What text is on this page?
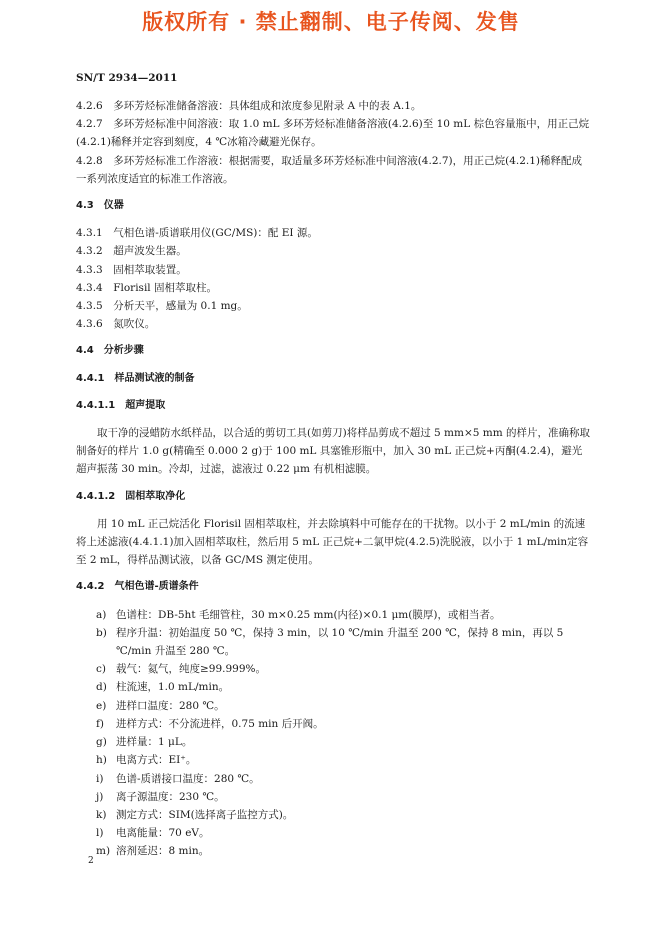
版权所有 · 禁止翻制、电子传阅、发售
SN/T 2934—2011

4.2.6　多环芳烃标准储备溶液：具体组成和浓度参见附录 A 中的表 A.1。

4.2.7　多环芳烃标准中间溶液：取 1.0 mL 多环芳烃标准储备溶液(4.2.6)至 10 mL 棕色容量瓶中，用正己烷(4.2.1)稀释并定容到刻度，4 ℃冰箱冷藏避光保存。

4.2.8　多环芳烃标准工作溶液：根据需要，取适量多环芳烃标准中间溶液(4.2.7)，用正己烷(4.2.1)稀释配成一系列浓度适宜的标准工作溶液。

4.3　仪器

4.3.1　气相色谱-质谱联用仪(GC/MS)：配 EI 源。

4.3.2　超声波发生器。

4.3.3　固相萃取装置。

4.3.4　Florisil 固相萃取柱。

4.3.5　分析天平，感量为 0.1 mg。

4.3.6　氮吹仪。

4.4　分析步骤

4.4.1　样品测试液的制备

4.4.1.1　超声提取

取干净的浸蜡防水纸样品，以合适的剪切工具(如剪刀)将样品剪成不超过 5 mm×5 mm 的样片，准确称取制备好的样片 1.0 g(精确至 0.000 2 g)于 100 mL 具塞锥形瓶中，加入 30 mL 正己烷+丙酮(4.2.4)，避光超声振荡 30 min。冷却，过滤，滤液过 0.22 μm 有机相滤膜。

4.4.1.2　固相萃取净化

用 10 mL 正己烷活化 Florisil 固相萃取柱，并去除填料中可能存在的干扰物。以小于 2 mL/min 的流速将上述滤液(4.4.1.1)加入固相萃取柱，然后用 5 mL 正己烷+二氯甲烷(4.2.5)洗脱液，以小于 1 mL/min定容至 2 mL，得样品测试液，以备 GC/MS 测定使用。

4.4.2　气相色谱-质谱条件

a) 色谱柱：DB-5ht 毛细管柱，30 m×0.25 mm(内径)×0.1 μm(膜厚)，或相当者。
b) 程序升温：初始温度 50 ℃，保持 3 min，以 10 ℃/min 升温至 200 ℃，保持 8 min，再以 5 ℃/min 升温至 280 ℃。
c) 载气：氦气，纯度≥99.999%。
d) 柱流速，1.0 mL/min。
e) 进样口温度：280 ℃。
f)	进样方式：不分流进样，0.75 min 后开阀。
g) 进样量：1 μL。
h) 电离方式：EI⁺。
i)	色谱-质谱接口温度：280 ℃。
j)	离子源温度：230 ℃。
k) 测定方式：SIM(选择离子监控方式)。
l)	电离能量：70 eV。
m) 溶剂延迟：8 min。
2
